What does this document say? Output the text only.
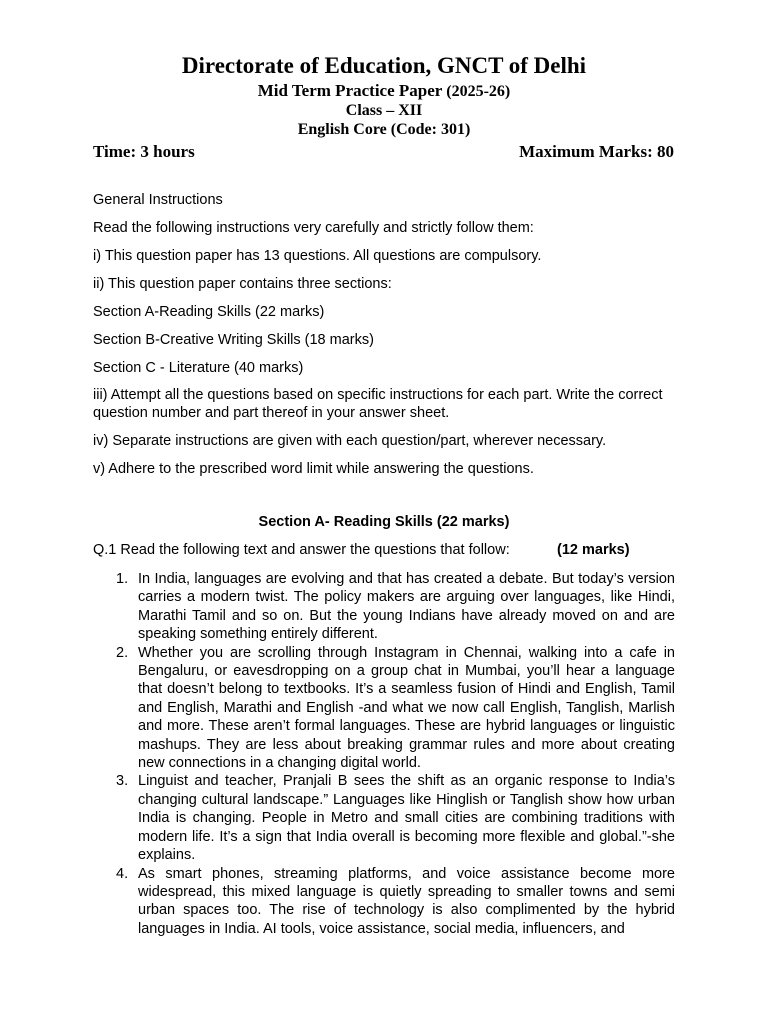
Directorate of Education, GNCT of Delhi
Mid Term Practice Paper (2025-26)
Class – XII
English Core (Code: 301)
Time: 3 hours	Maximum Marks: 80
General Instructions
Read the following instructions very carefully and strictly follow them:
i) This question paper has 13 questions. All questions are compulsory.
ii) This question paper contains three sections:
Section A-Reading Skills (22 marks)
Section B-Creative Writing Skills (18 marks)
Section C - Literature (40 marks)
iii) Attempt all the questions based on specific instructions for each part. Write the correct question number and part thereof in your answer sheet.
iv) Separate instructions are given with each question/part, wherever necessary.
v) Adhere to the prescribed word limit while answering the questions.
Section A- Reading Skills (22 marks)
Q.1 Read the following text and answer the questions that follow:	(12 marks)
1. In India, languages are evolving and that has created a debate. But today’s version carries a modern twist. The policy makers are arguing over languages, like Hindi, Marathi Tamil and so on. But the young Indians have already moved on and are speaking something entirely different.
2. Whether you are scrolling through Instagram in Chennai, walking into a cafe in Bengaluru, or eavesdropping on a group chat in Mumbai, you’ll hear a language that doesn’t belong to textbooks. It’s a seamless fusion of Hindi and English, Tamil and English, Marathi and English -and what we now call English, Tanglish, Marlish and more. These aren’t formal languages. These are hybrid languages or linguistic mashups. They are less about breaking grammar rules and more about creating new connections in a changing digital world.
3. Linguist and teacher, Pranjali B sees the shift as an organic response to India’s changing cultural landscape.” Languages like Hinglish or Tanglish show how urban India is changing. People in Metro and small cities are combining traditions with modern life. It’s a sign that India overall is becoming more flexible and global.”-she explains.
4. As smart phones, streaming platforms, and voice assistance become more widespread, this mixed language is quietly spreading to smaller towns and semi urban spaces too. The rise of technology is also complimented by the hybrid languages in India. AI tools, voice assistance, social media, influencers, and
